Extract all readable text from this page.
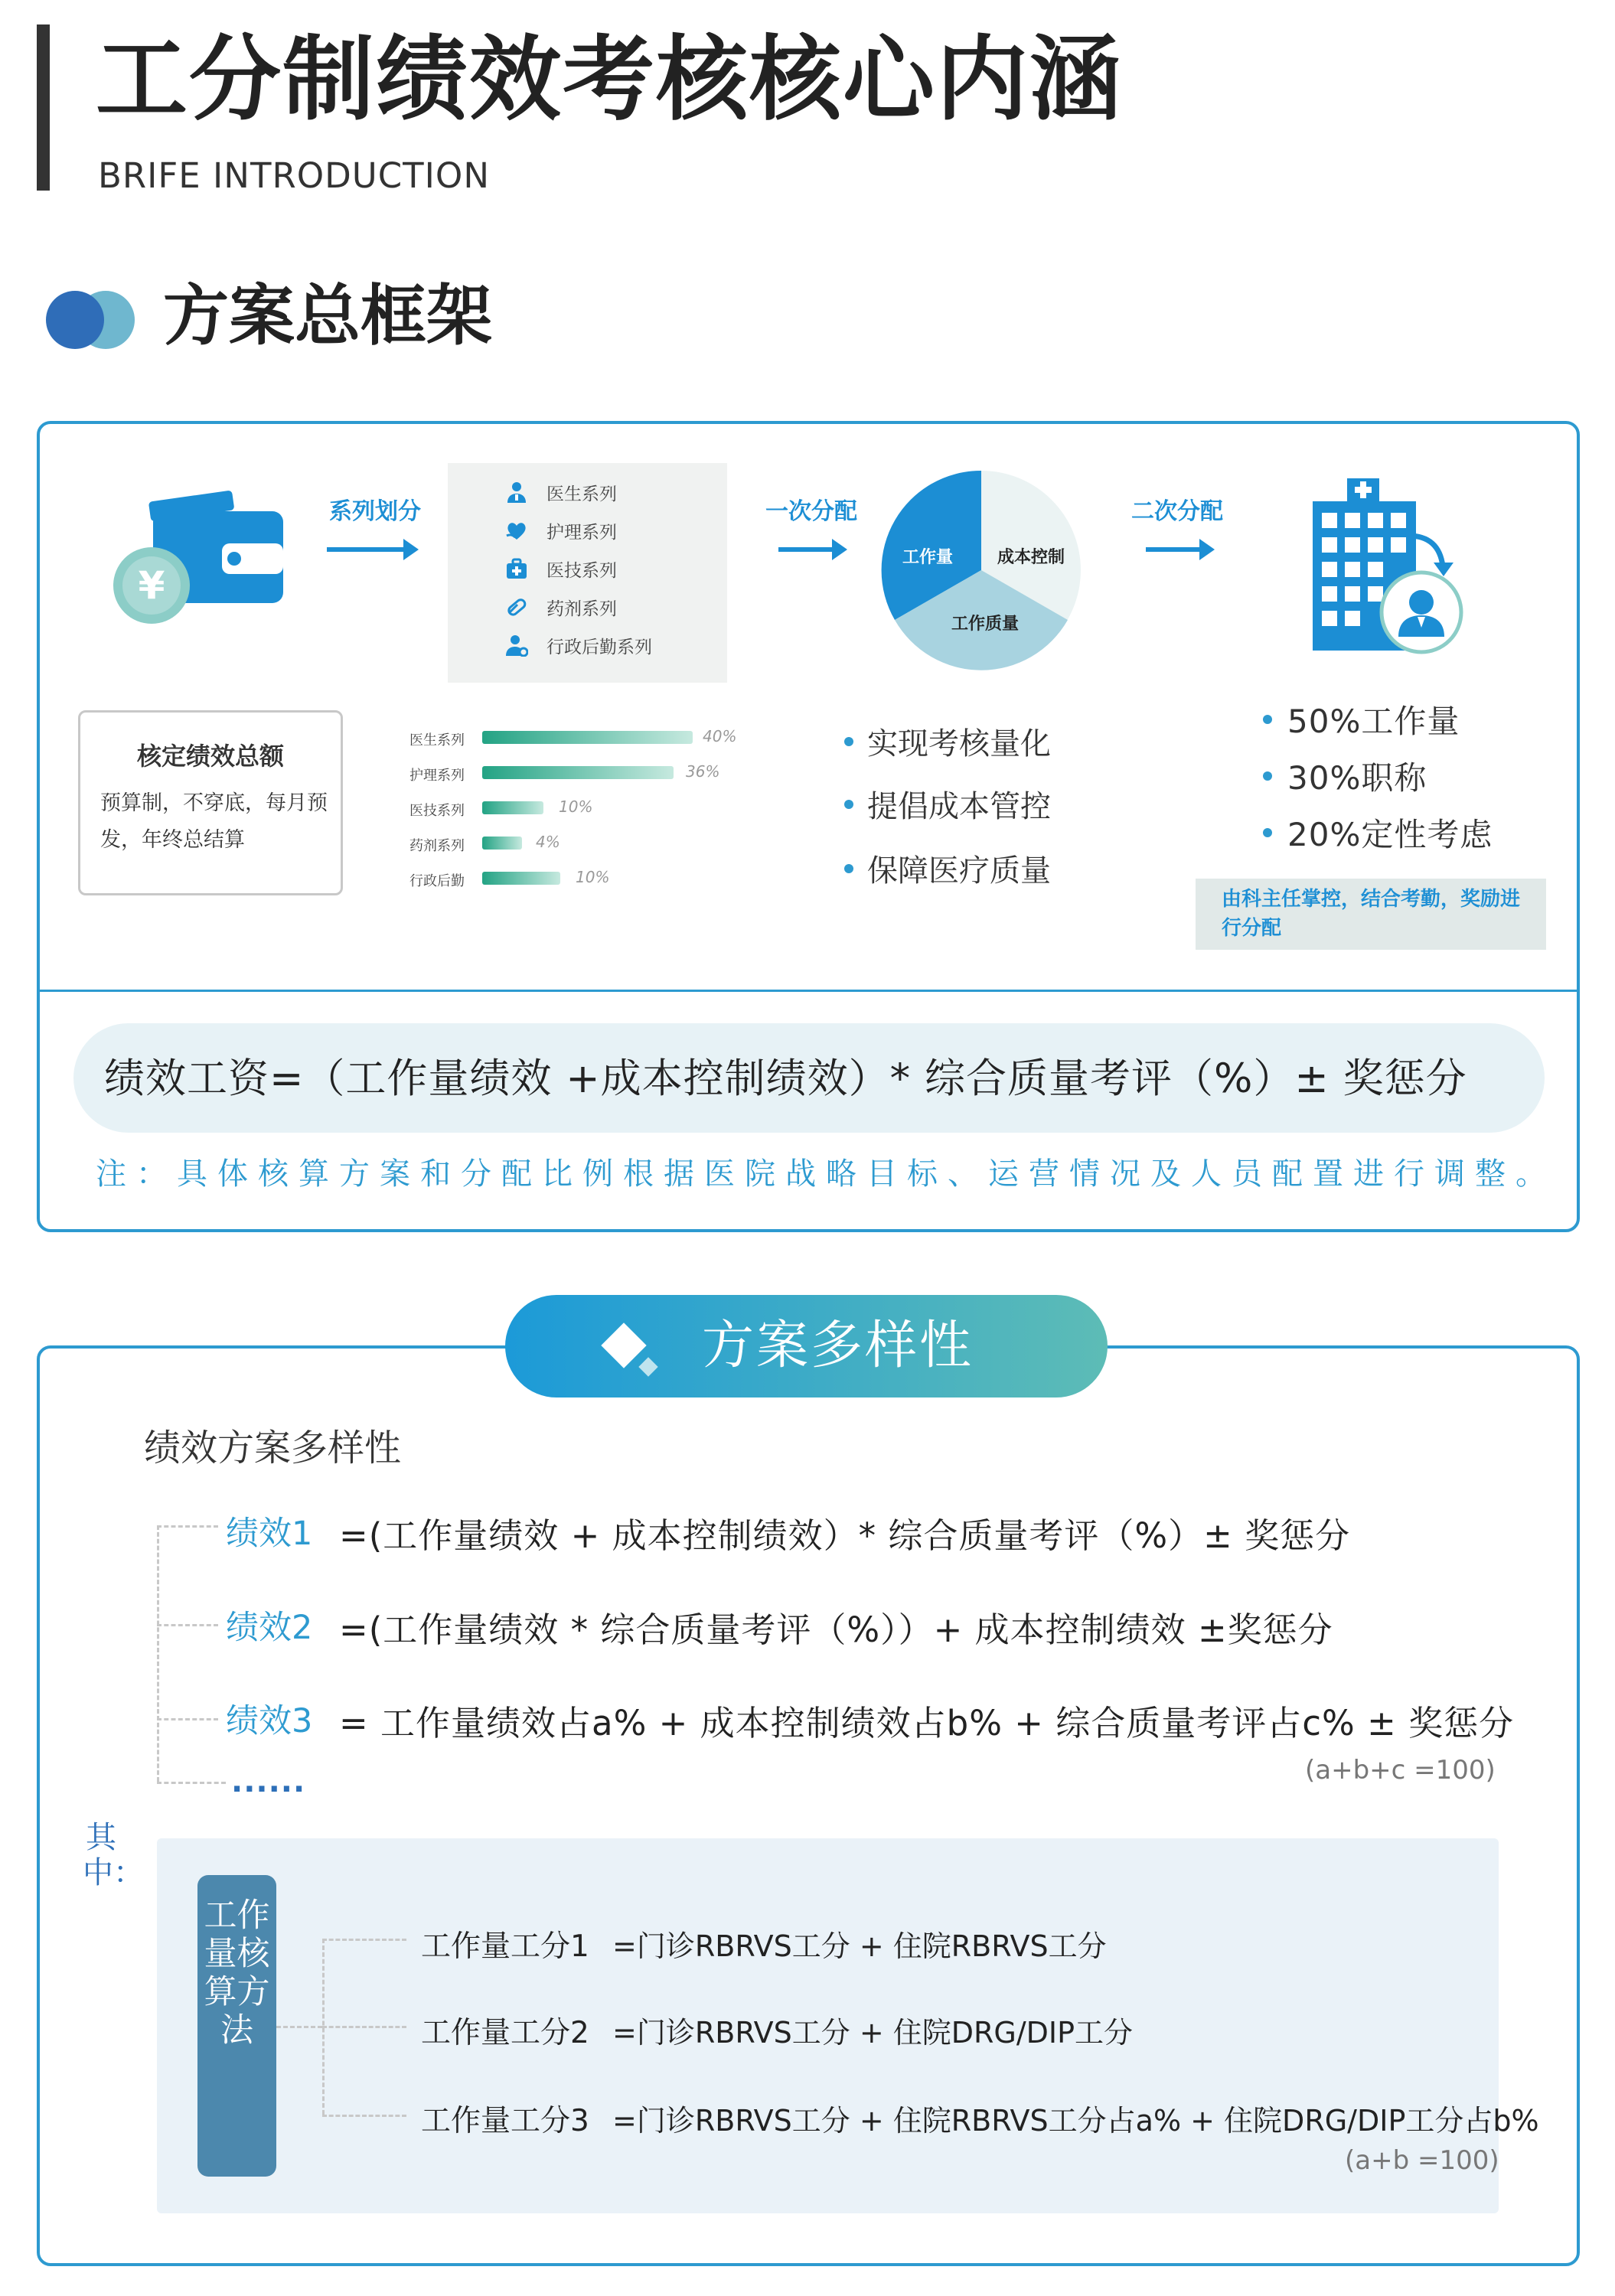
工分制绩效考核核心内涵
BRIFE INTRODUCTION
方案总框架
¥
系列划分
医生系列
护理系列
医技系列
药剂系列
行政后勤系列
一次分配
工作量	成本控制
工作质量
二次分配
核定绩效总额
预算制，不穿底，每月预发，年终总结算
医生系列	40%
护理系列	36%
医技系列	10%
药剂系列	4%
行政后勤	10%
实现考核量化
提倡成本管控
保障医疗质量
50%工作量
30%职称
20%定性考虑
由科主任掌控，结合考勤，奖励进行分配
绩效工资=（工作量绩效 +成本控制绩效）* 综合质量考评（%）± 奖惩分
注：具体核算方案和分配比例根据医院战略目标、运营情况及人员配置进行调整。
方案多样性
绩效方案多样性
绩效1 =(工作量绩效 + 成本控制绩效）* 综合质量考评（%）± 奖惩分
绩效2 =(工作量绩效 * 综合质量考评（%））+ 成本控制绩效 ±奖惩分
绩效3 = 工作量绩效占a% + 成本控制绩效占b% + 综合质量考评占c% ± 奖惩分
(a+b+c =100)
......
其中：
工作量核算方法
工作量工分1 =门诊RBRVS工分 + 住院RBRVS工分
工作量工分2 =门诊RBRVS工分 + 住院DRG/DIP工分
工作量工分3 =门诊RBRVS工分 + 住院RBRVS工分占a% + 住院DRG/DIP工分占b%
(a+b =100)
